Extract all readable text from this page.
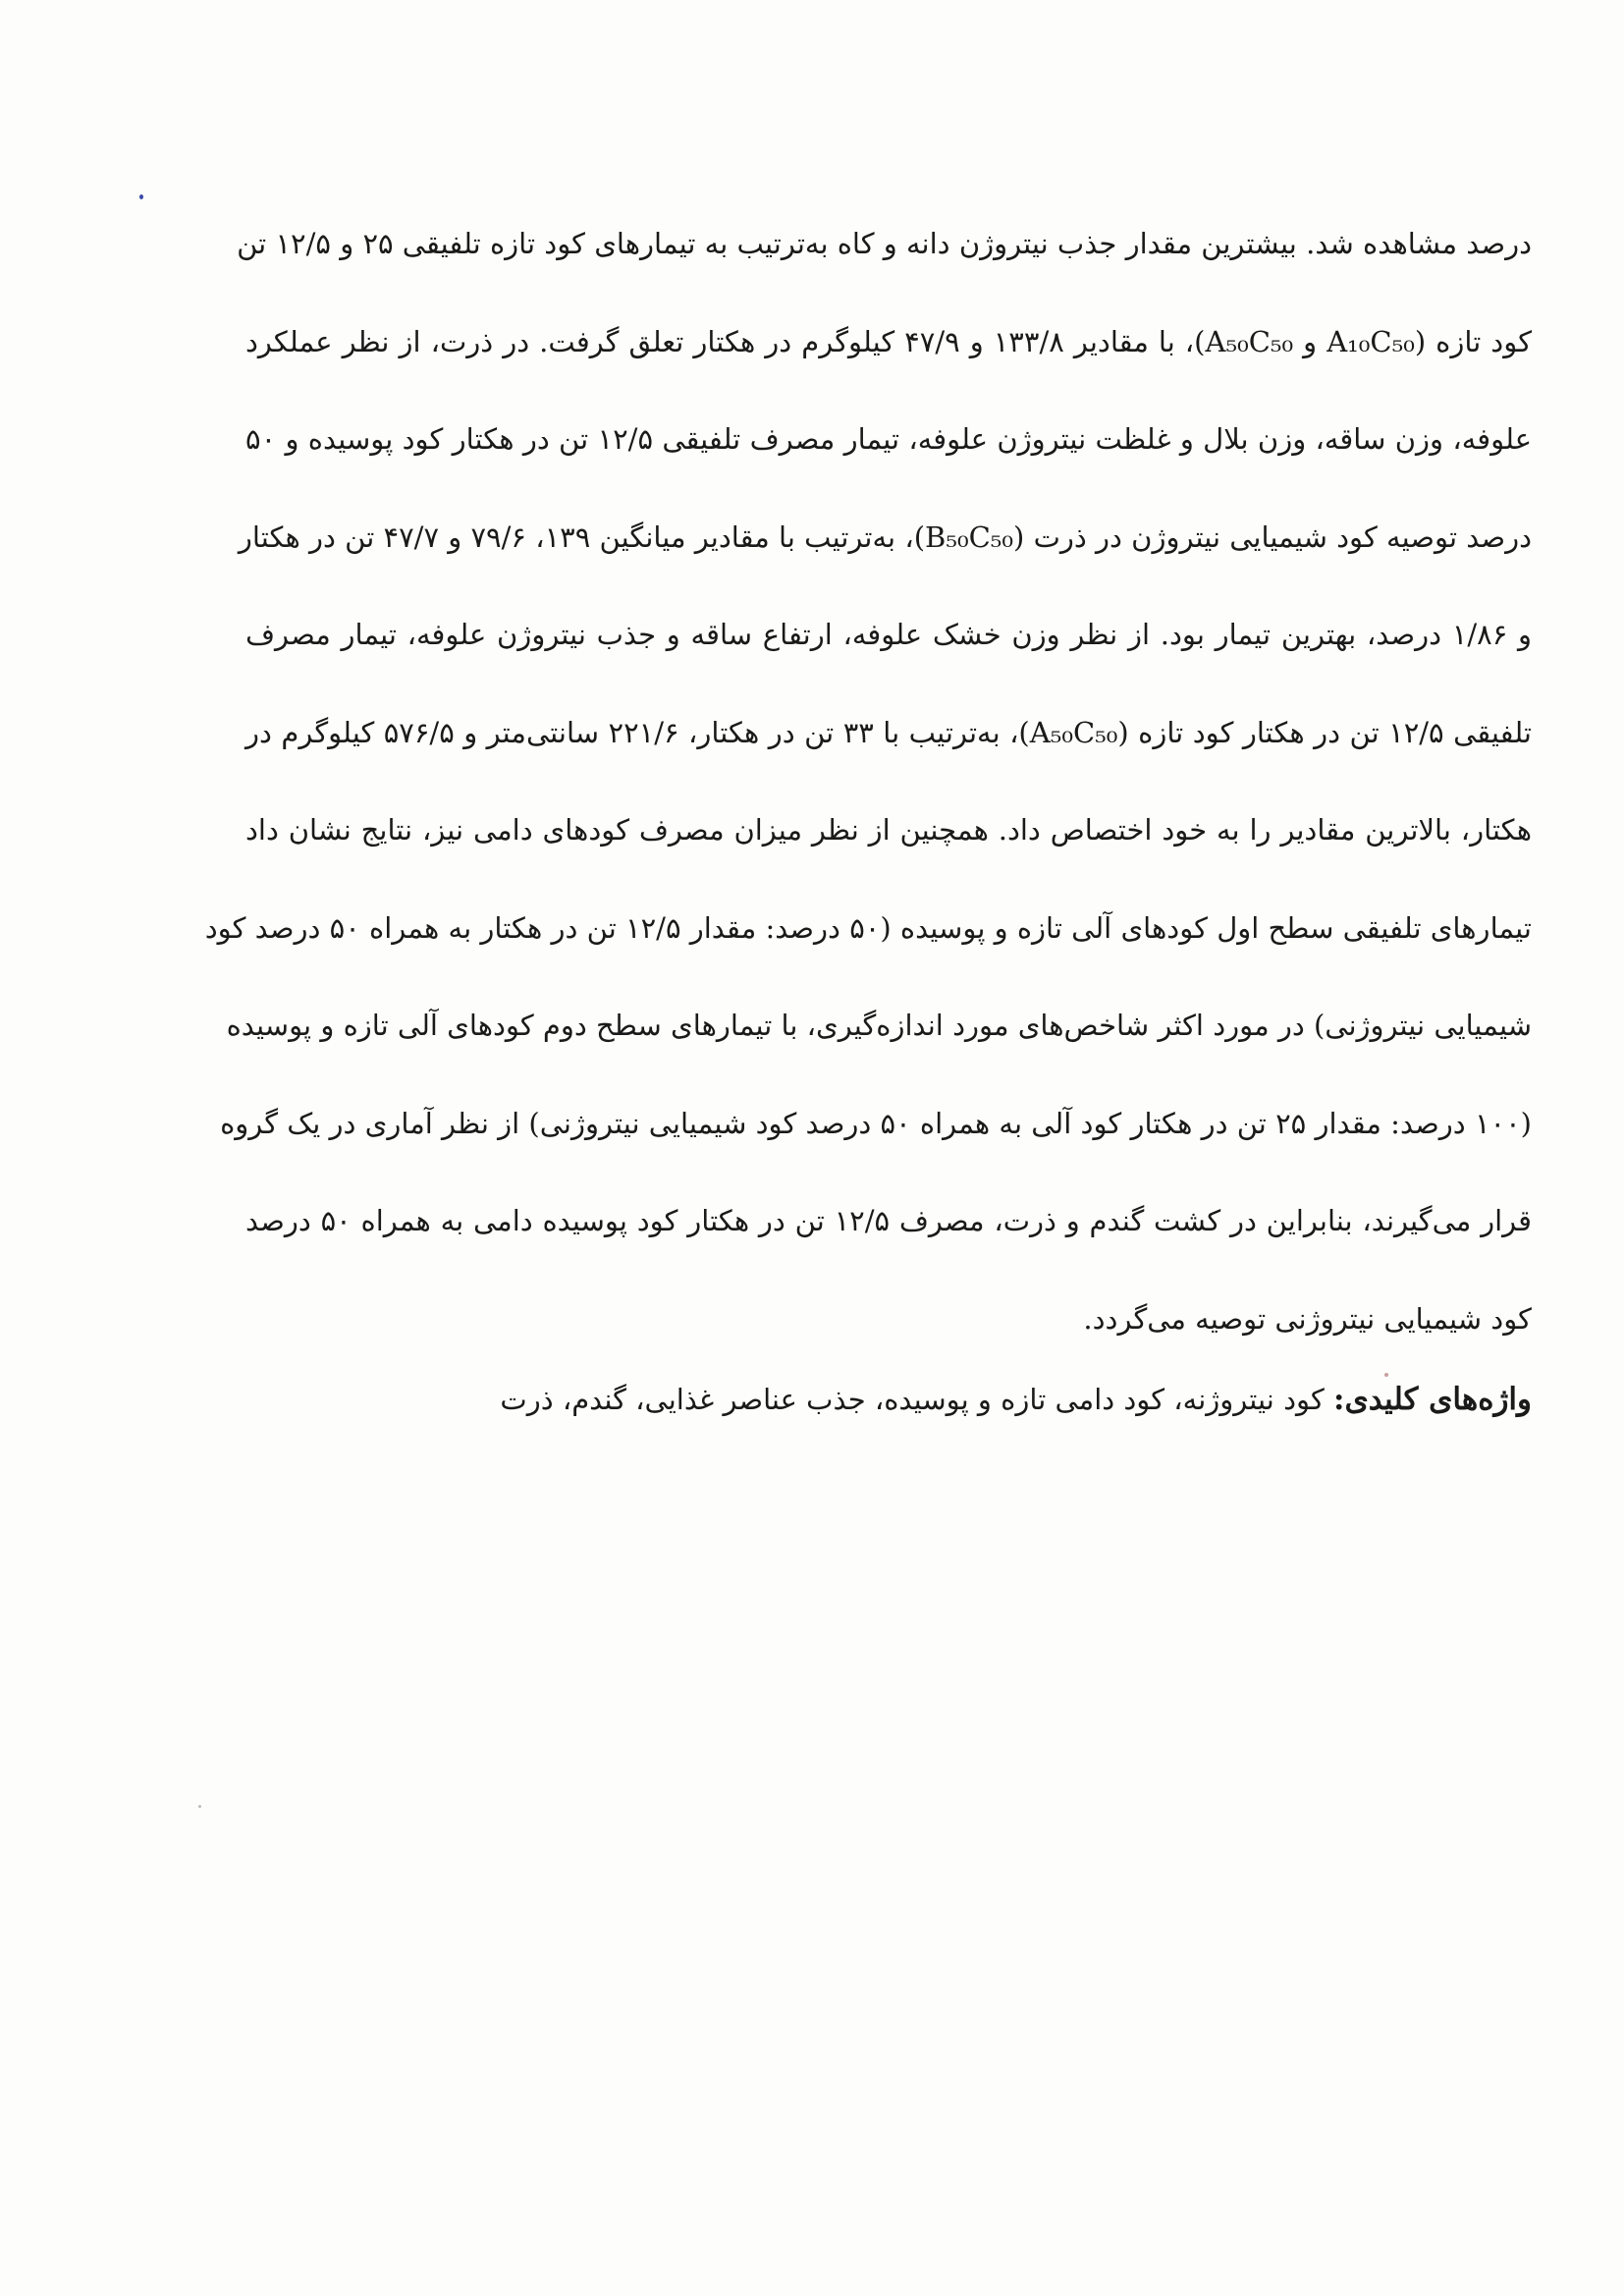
درصد مشاهده شد. بیشترین مقدار جذب نیتروژن دانه و کاه به‌ترتیب به تیمارهای کود تازه تلفیقی ۲۵ و ۱۲/۵ تن
کود تازه (A₁₀C₅₀ و A₅₀C₅₀)، با مقادیر ۱۳۳/۸ و ۴۷/۹ کیلوگرم در هکتار تعلق گرفت. در ذرت، از نظر عملکرد
علوفه، وزن ساقه، وزن بلال و غلظت نیتروژن علوفه، تیمار مصرف تلفیقی ۱۲/۵ تن در هکتار کود پوسیده و ۵۰
درصد توصیه کود شیمیایی نیتروژن در ذرت (B₅₀C₅₀)، به‌ترتیب با مقادیر میانگین ۱۳۹، ۷۹/۶ و ۴۷/۷ تن در هکتار
و ۱/۸۶ درصد، بهترین تیمار بود. از نظر وزن خشک علوفه، ارتفاع ساقه و جذب نیتروژن علوفه، تیمار مصرف
تلفیقی ۱۲/۵ تن در هکتار کود تازه (A₅₀C₅₀)، به‌ترتیب با ۳۳ تن در هکتار، ۲۲۱/۶ سانتی‌متر و ۵۷۶/۵ کیلوگرم در
هکتار، بالاترین مقادیر را به خود اختصاص داد. همچنین از نظر میزان مصرف کودهای دامی نیز، نتایج نشان داد
تیمارهای تلفیقی سطح اول کودهای آلی تازه و پوسیده (۵۰ درصد: مقدار ۱۲/۵ تن در هکتار به همراه ۵۰ درصد کود
شیمیایی نیتروژنی) در مورد اکثر شاخص‌های مورد اندازه‌گیری، با تیمارهای سطح دوم کودهای آلی تازه و پوسیده
(۱۰۰ درصد: مقدار ۲۵ تن در هکتار کود آلی به همراه ۵۰ درصد کود شیمیایی نیتروژنی) از نظر آماری در یک گروه
قرار می‌گیرند، بنابراین در کشت گندم و ذرت، مصرف ۱۲/۵ تن در هکتار کود پوسیده دامی به همراه ۵۰ درصد
کود شیمیایی نیتروژنی توصیه می‌گردد.
واژه‌های کلیدی: کود نیتروژنه، کود دامی تازه و پوسیده، جذب عناصر غذایی، گندم، ذرت
